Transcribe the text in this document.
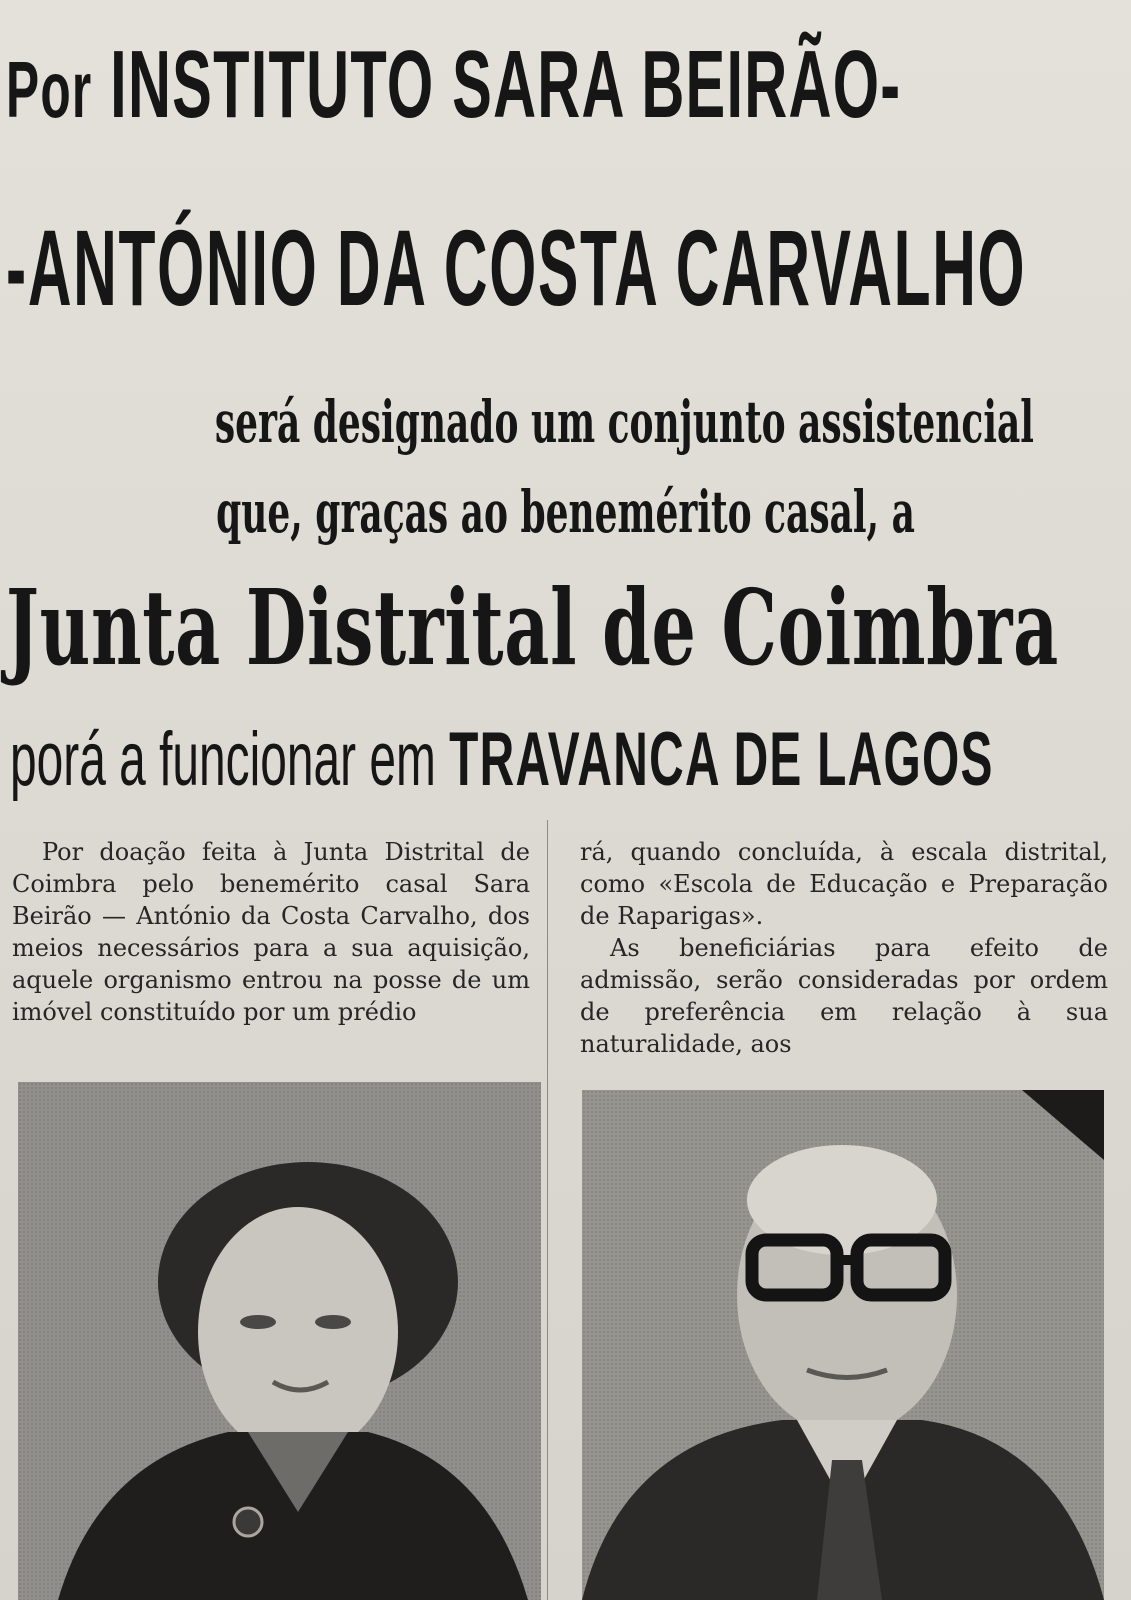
Por INSTITUTO SARA BEIRÃO-
-ANTÓNIO DA COSTA CARVALHO
será designado um conjunto assistencial
que, graças ao benemérito casal, a
Junta Distrital de Coimbra
porá a funcionar em TRAVANCA DE LAGOS

Por doação feita à Junta Distrital de Coimbra pelo benemérito casal Sara Beirão — António da Costa Carvalho, dos meios necessários para a sua aquisição, aquele organismo entrou na posse de um imóvel constituído por um prédio

rá, quando concluída, à escala distrital, como «Escola de Educação e Preparação de Raparigas».

As beneficiárias para efeito de admissão, serão consideradas por ordem de preferência em relação à sua naturalidade, aos
